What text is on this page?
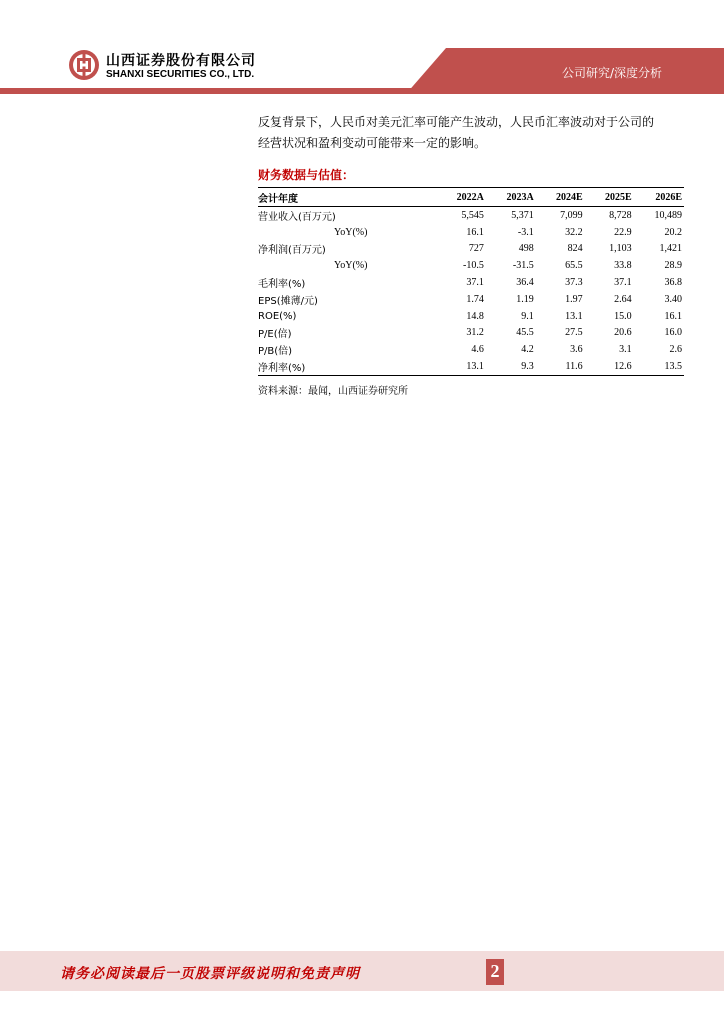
山西证券股份有限公司
SHANXI SECURITIES CO., LTD.	公司研究/深度分析

反复背景下，人民币对美元汇率可能产生波动，人民币汇率波动对于公司的

经营状况和盈利变动可能带来一定的影响。

财务数据与估值：
会计年度	2022A	2023A	2024E	2025E	2026E
营业收入(百万元)	5,545	5,371	7,099	8,728	10,489
YoY(%)	16.1	-3.1	32.2	22.9	20.2
净利润(百万元)	727	498	824	1,103	1,421
YoY(%)	-10.5	-31.5	65.5	33.8	28.9
毛利率(%)	37.1	36.4	37.3	37.1	36.8
EPS(摊薄/元)	1.74	1.19	1.97	2.64	3.40
ROE(%)	14.8	9.1	13.1	15.0	16.1
P/E(倍)	31.2	45.5	27.5	20.6	16.0
P/B(倍)	4.6	4.2	3.6	3.1	2.6
净利率(%)	13.1	9.3	11.6	12.6	13.5
资料来源：最闻，山西证券研究所
请务必阅读最后一页股票评级说明和免责声明	2
